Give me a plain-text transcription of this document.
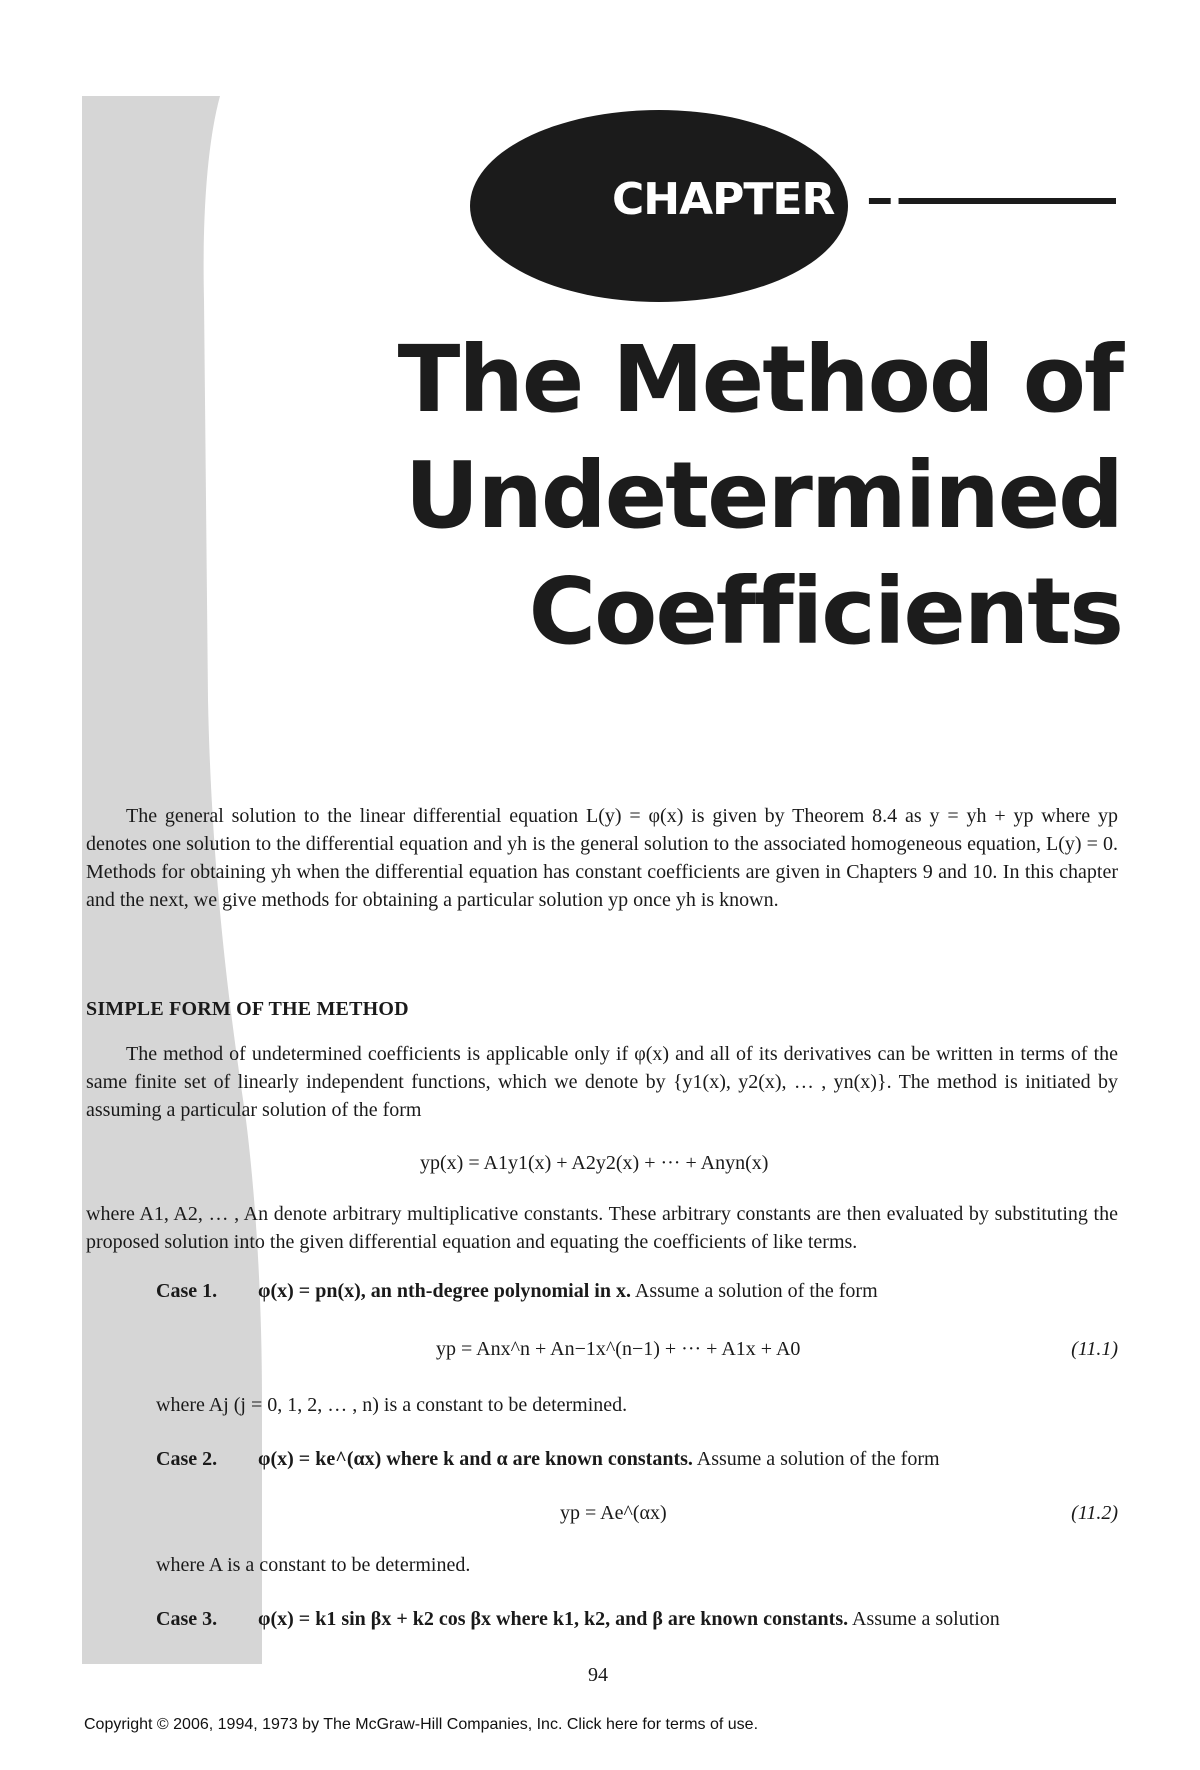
CHAPTER 11
The Method of
Undetermined
Coefficients

The general solution to the linear differential equation L(y) = φ(x) is given by Theorem 8.4 as y = yh + yp where yp denotes one solution to the differential equation and yh is the general solution to the associated homogeneous equation, L(y) = 0. Methods for obtaining yh when the differential equation has constant coefficients are given in Chapters 9 and 10. In this chapter and the next, we give methods for obtaining a particular solution yp once yh is known.

SIMPLE FORM OF THE METHOD

The method of undetermined coefficients is applicable only if φ(x) and all of its derivatives can be written in terms of the same finite set of linearly independent functions, which we denote by {y1(x), y2(x), … , yn(x)}. The method is initiated by assuming a particular solution of the form

yp(x) = A1y1(x) + A2y2(x) + ··· + Anyn(x)

where A1, A2, … , An denote arbitrary multiplicative constants. These arbitrary constants are then evaluated by substituting the proposed solution into the given differential equation and equating the coefficients of like terms.

Case 1. φ(x) = pn(x), an nth-degree polynomial in x. Assume a solution of the form
yp = Anx^n + An−1x^(n−1) + ··· + A1x + A0	(11.1)
where Aj (j = 0, 1, 2, … , n) is a constant to be determined.
Case 2. φ(x) = ke^(αx) where k and α are known constants. Assume a solution of the form
yp = Ae^(αx)	(11.2)
where A is a constant to be determined.
Case 3. φ(x) = k1 sin βx + k2 cos βx where k1, k2, and β are known constants. Assume a solution
94
Copyright © 2006, 1994, 1973 by The McGraw-Hill Companies, Inc. Click here for terms of use.
